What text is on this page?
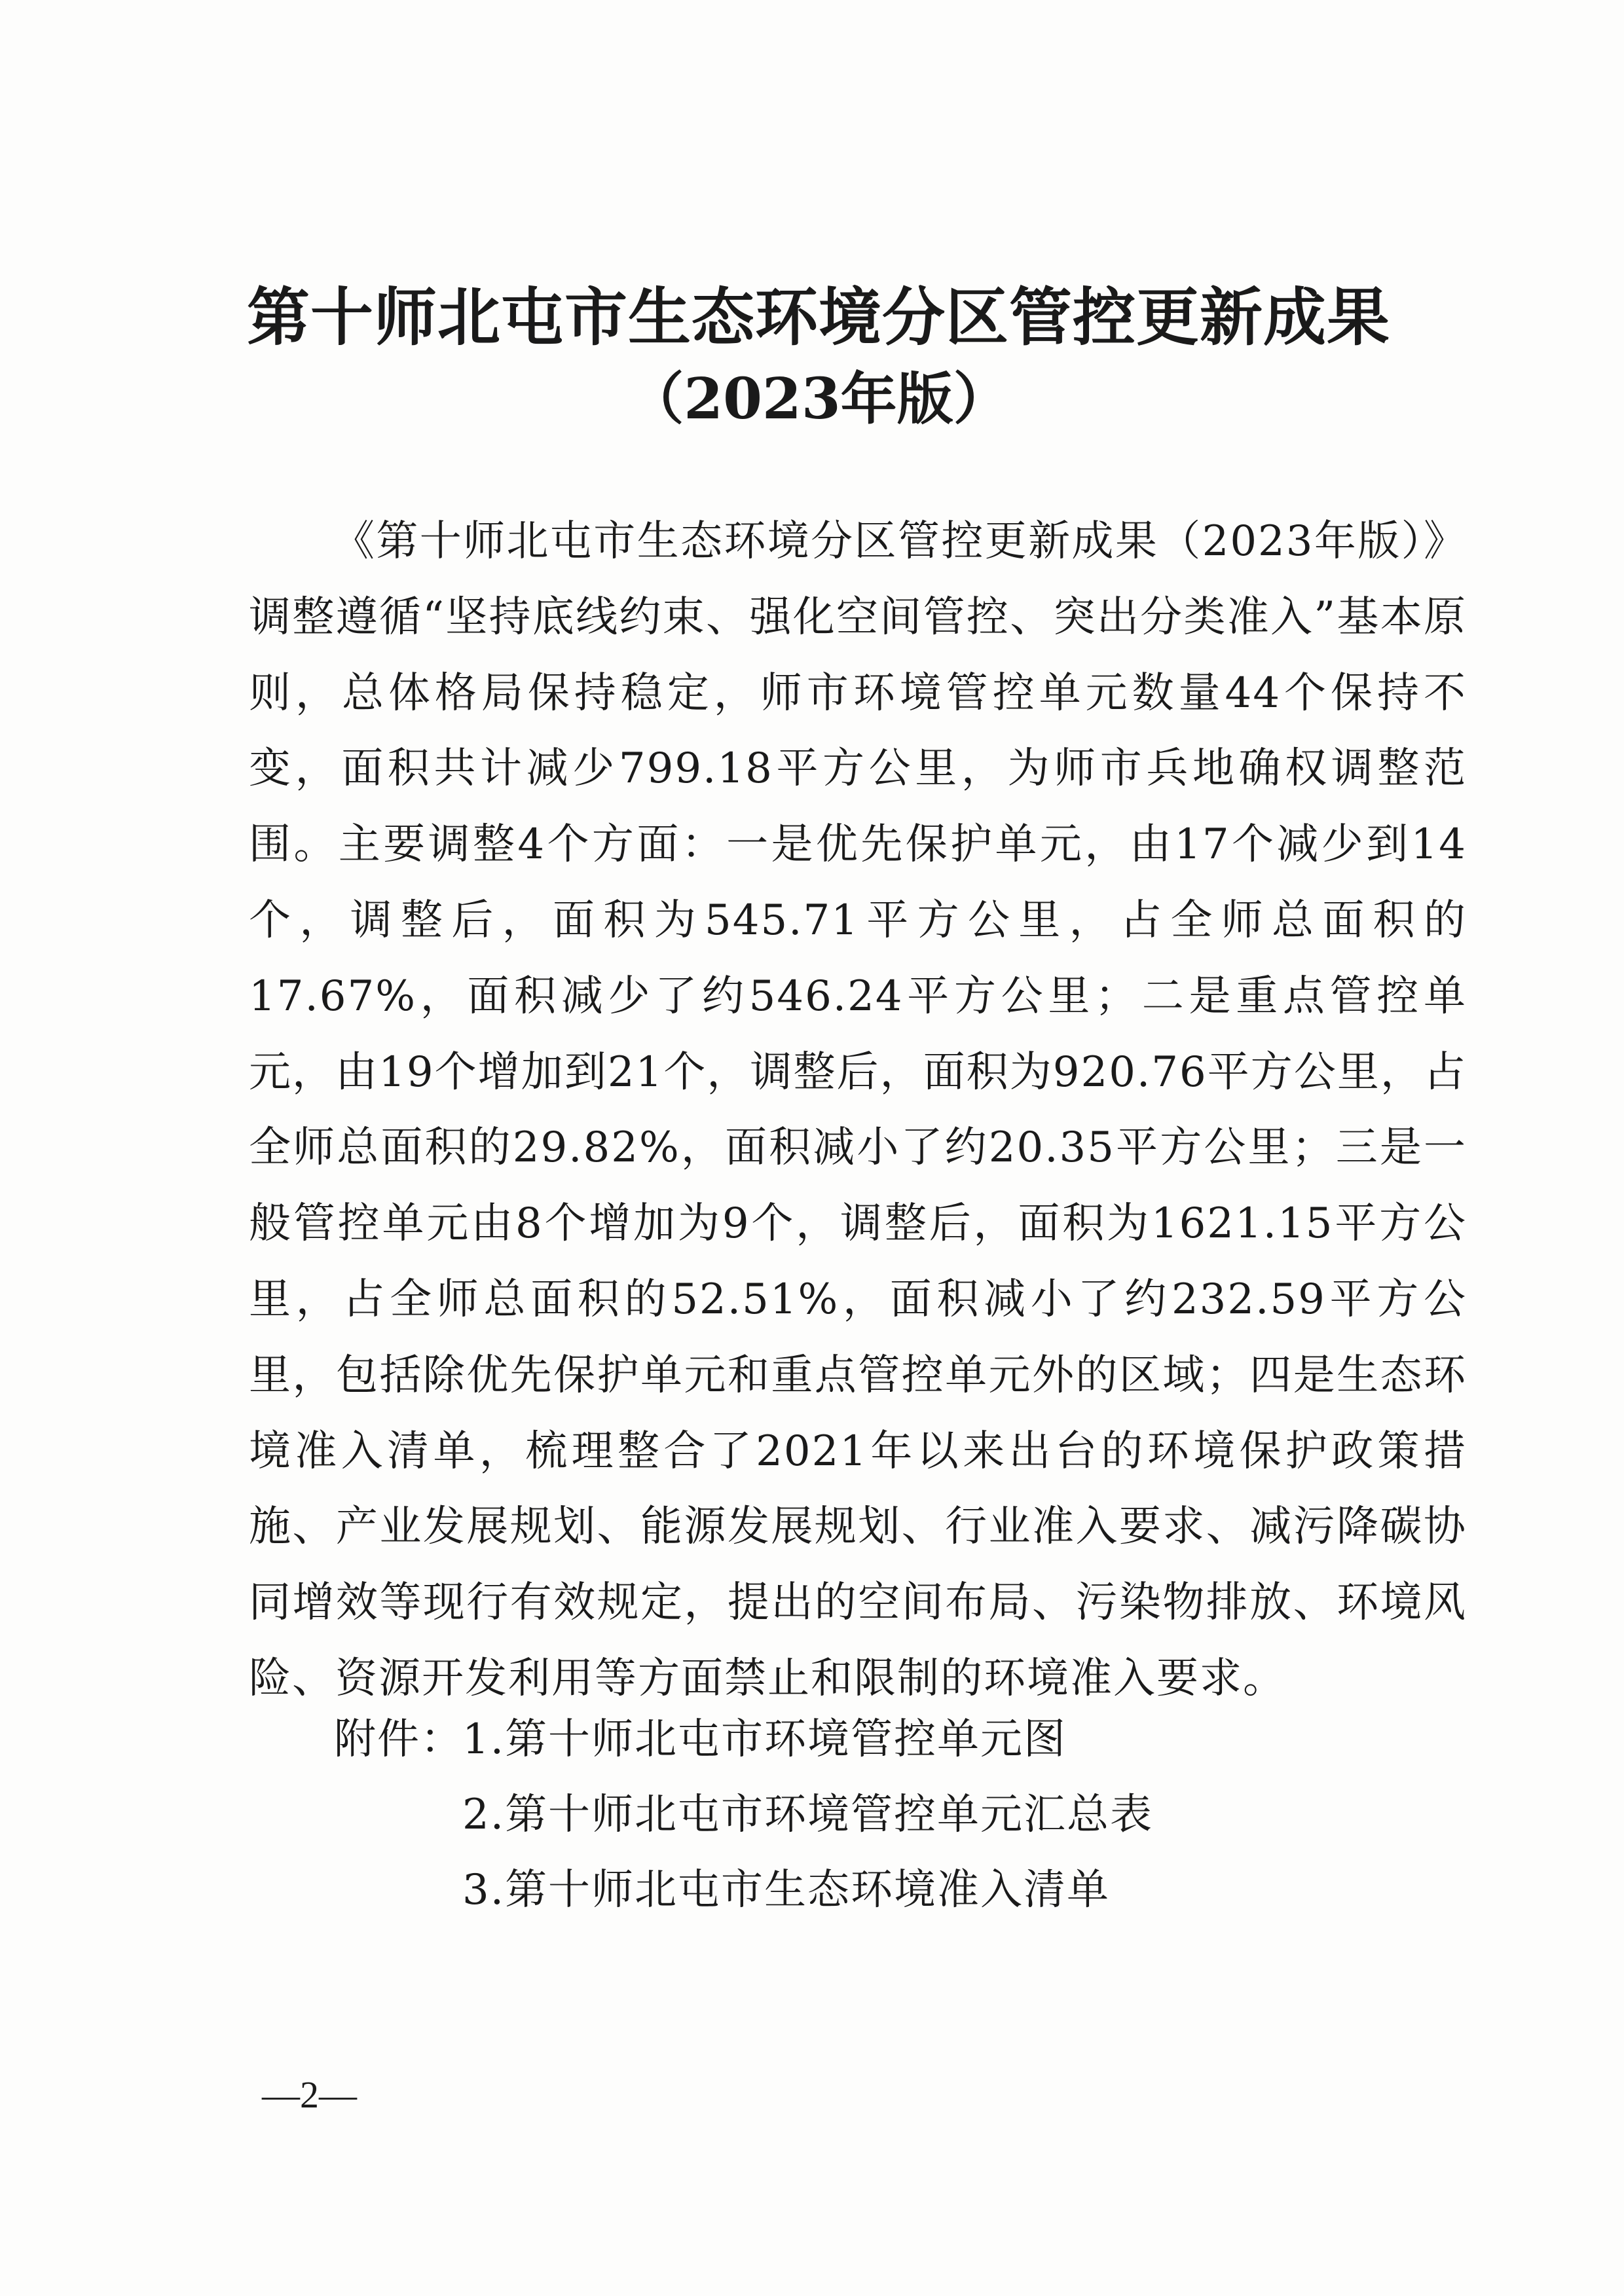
第十师北屯市生态环境分区管控更新成果

（2023年版）

《第十师北屯市生态环境分区管控更新成果（2023年版）》调整遵循“坚持底线约束、强化空间管控、突出分类准入”基本原则，总体格局保持稳定，师市环境管控单元数量44个保持不变，面积共计减少799.18平方公里，为师市兵地确权调整范围。主要调整4个方面：一是优先保护单元，由17个减少到14个，调整后，面积为545.71平方公里，占全师总面积的17.67%，面积减少了约546.24平方公里；二是重点管控单元，由19个增加到21个，调整后，面积为920.76平方公里，占全师总面积的29.82%，面积减小了约20.35平方公里；三是一般管控单元由8个增加为9个，调整后，面积为1621.15平方公里，占全师总面积的52.51%，面积减小了约232.59平方公里，包括除优先保护单元和重点管控单元外的区域；四是生态环境准入清单，梳理整合了2021年以来出台的环境保护政策措施、产业发展规划、能源发展规划、行业准入要求、减污降碳协同增效等现行有效规定，提出的空间布局、污染物排放、环境风险、资源开发利用等方面禁止和限制的环境准入要求。

附件：
1.第十师北屯市环境管控单元图
2.第十师北屯市环境管控单元汇总表
3.第十师北屯市生态环境准入清单
—2—
